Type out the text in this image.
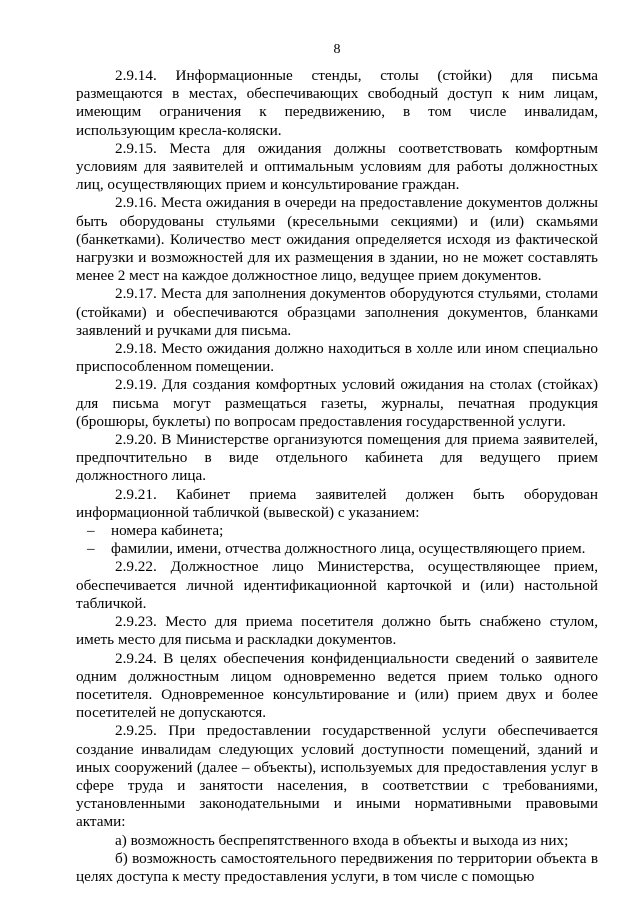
8

2.9.14. Информационные стенды, столы (стойки) для письма размещаются в местах, обеспечивающих свободный доступ к ним лицам, имеющим ограничения к передвижению, в том числе инвалидам, использующим кресла-коляски.

2.9.15. Места для ожидания должны соответствовать комфортным условиям для заявителей и оптимальным условиям для работы должностных лиц, осуществляющих прием и консультирование граждан.

2.9.16. Места ожидания в очереди на предоставление документов должны быть оборудованы стульями (кресельными секциями) и (или) скамьями (банкетками). Количество мест ожидания определяется исходя из фактической нагрузки и возможностей для их размещения в здании, но не может составлять менее 2 мест на каждое должностное лицо, ведущее прием документов.

2.9.17. Места для заполнения документов оборудуются стульями, столами (стойками) и обеспечиваются образцами заполнения документов, бланками заявлений и ручками для письма.

2.9.18. Место ожидания должно находиться в холле или ином специально приспособленном помещении.

2.9.19. Для создания комфортных условий ожидания на столах (стойках) для письма могут размещаться газеты, журналы, печатная продукция (брошюры, буклеты) по вопросам предоставления государственной услуги.

2.9.20. В Министерстве организуются помещения для приема заявителей, предпочтительно в виде отдельного кабинета для ведущего прием должностного лица.

2.9.21. Кабинет приема заявителей должен быть оборудован информационной табличкой (вывеской) с указанием:

– номера кабинета;
– фамилии, имени, отчества должностного лица, осуществляющего прием.

2.9.22. Должностное лицо Министерства, осуществляющее прием, обеспечивается личной идентификационной карточкой и (или) настольной табличкой.

2.9.23. Место для приема посетителя должно быть снабжено стулом, иметь место для письма и раскладки документов.

2.9.24. В целях обеспечения конфиденциальности сведений о заявителе одним должностным лицом одновременно ведется прием только одного посетителя. Одновременное консультирование и (или) прием двух и более посетителей не допускаются.

2.9.25. При предоставлении государственной услуги обеспечивается создание инвалидам следующих условий доступности помещений, зданий и иных сооружений (далее – объекты), используемых для предоставления услуг в сфере труда и занятости населения, в соответствии с требованиями, установленными законодательными и иными нормативными правовыми актами:

а) возможность беспрепятственного входа в объекты и выхода из них;

б) возможность самостоятельного передвижения по территории объекта в целях доступа к месту предоставления услуги, в том числе с помощью
